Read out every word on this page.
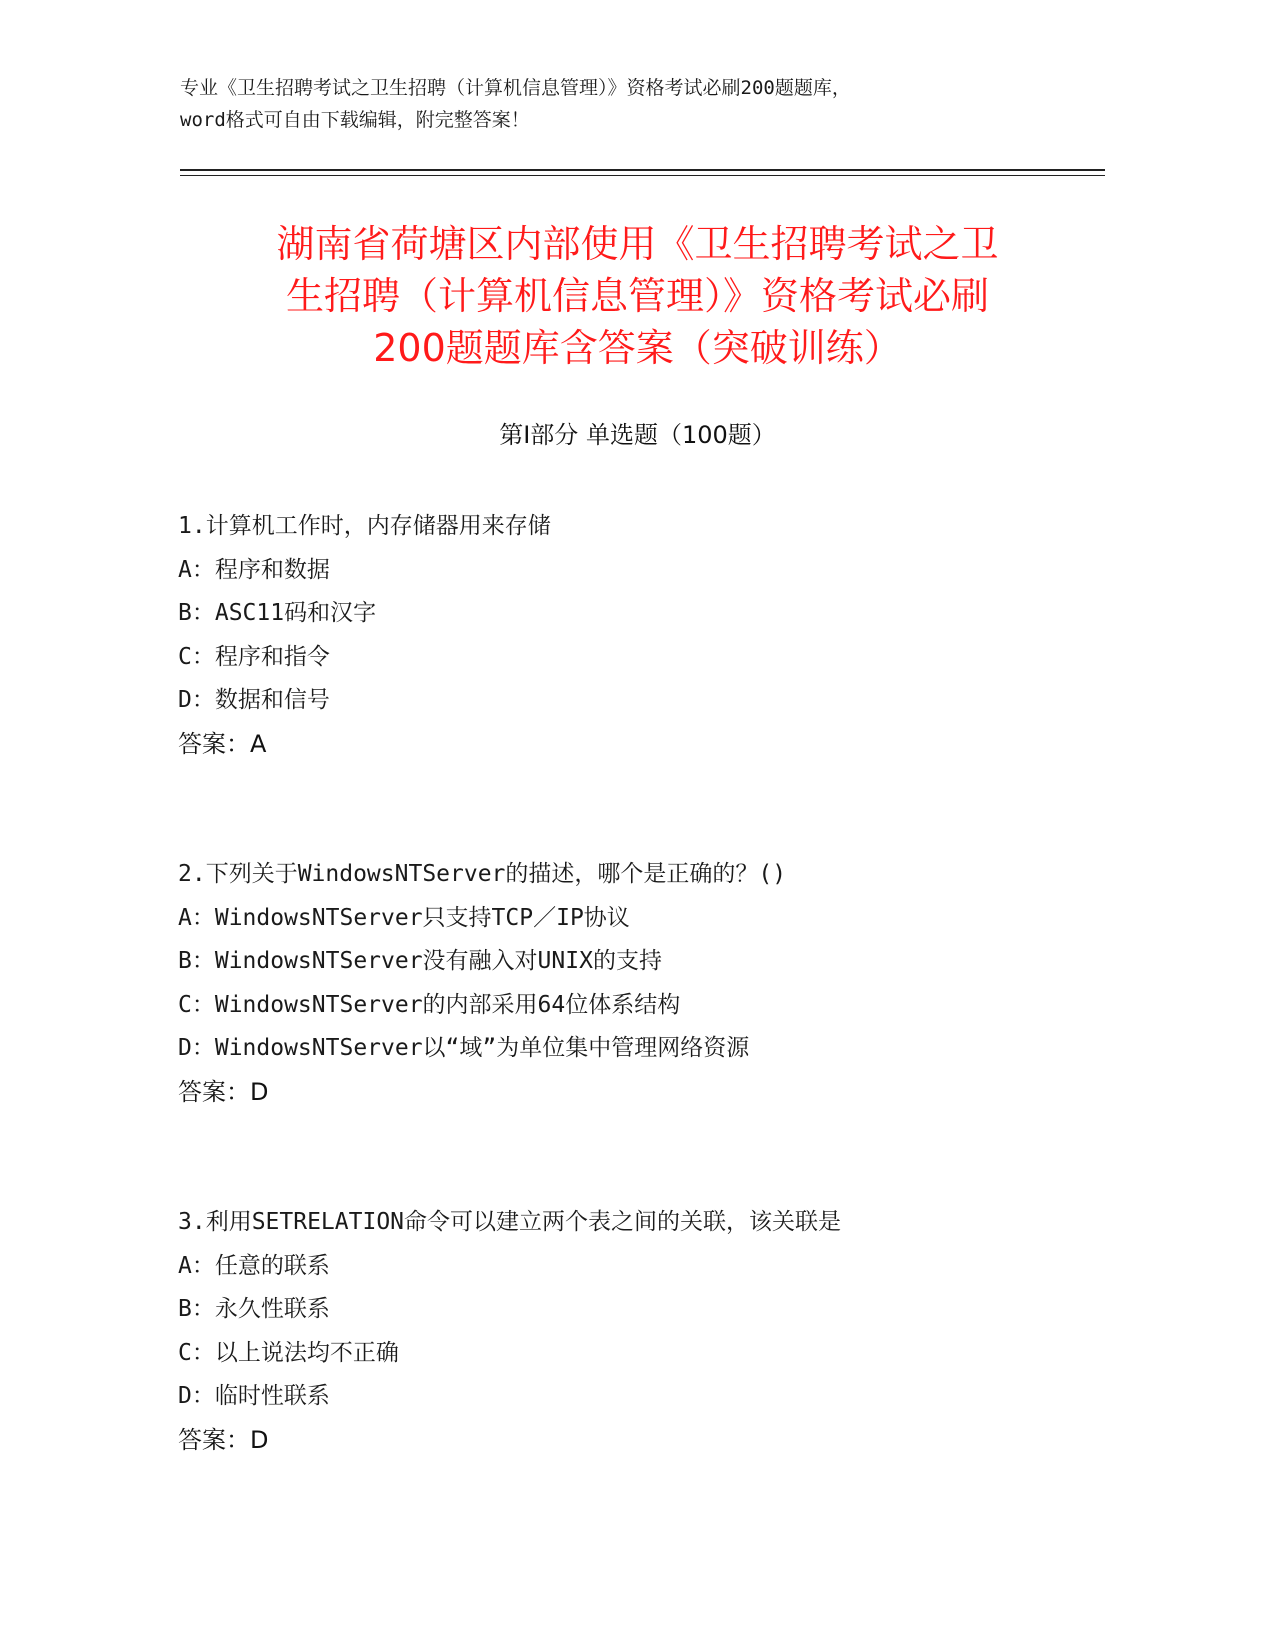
专业《卫生招聘考试之卫生招聘（计算机信息管理）》资格考试必刷200题题库，
word格式可自由下载编辑，附完整答案！
湖南省荷塘区内部使用《卫生招聘考试之卫
生招聘（计算机信息管理）》资格考试必刷
200题题库含答案（突破训练）
第Ⅰ部分 单选题（100题）
1.计算机工作时，内存储器用来存储
A：程序和数据
B：ASC11码和汉字
C：程序和指令
D：数据和信号
答案：A
2.下列关于WindowsNTServer的描述，哪个是正确的？()
A：WindowsNTServer只支持TCP／IP协议
B：WindowsNTServer没有融入对UNIX的支持
C：WindowsNTServer的内部采用64位体系结构
D：WindowsNTServer以“域”为单位集中管理网络资源
答案：D
3.利用SETRELATION命令可以建立两个表之间的关联，该关联是
A：任意的联系
B：永久性联系
C：以上说法均不正确
D：临时性联系
答案：D
